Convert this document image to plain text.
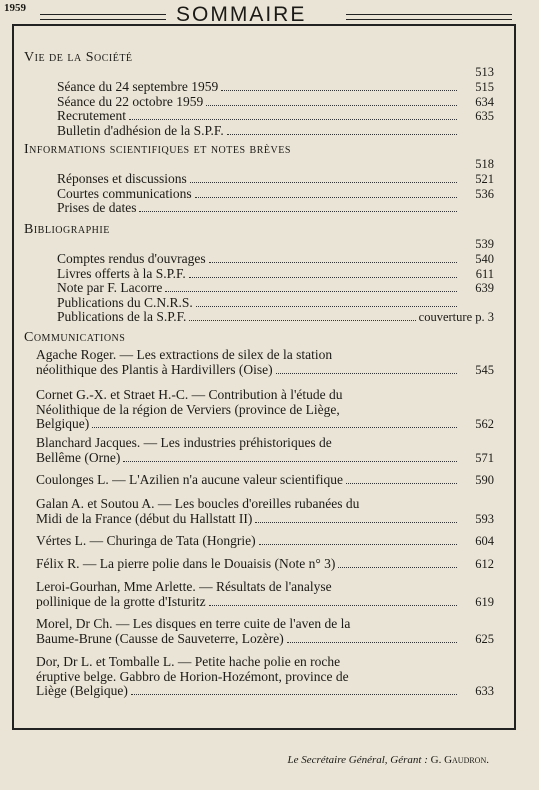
1959	SOMMAIRE
Vie de la Société
513
Séance du 24 septembre 1959	515
Séance du 22 octobre 1959	634
Recrutement	635
Bulletin d'adhésion de la S.P.F.
Informations scientifiques et notes brèves
518
Réponses et discussions	521
Courtes communications	536
Prises de dates
Bibliographie
539
Comptes rendus d'ouvrages	540
Livres offerts à la S.P.F.	611
Note par F. Lacorre	639
Publications du C.N.R.S.
Publications de la S.P.F.	couverture p. 3
Communications
Agache Roger. — Les extractions de silex de la station
néolithique des Plantis à Hardivillers (Oise)	545
Cornet G.-X. et Straet H.-C. — Contribution à l'étude du
Néolithique de la région de Verviers (province de Liège,
Belgique)	562
Blanchard Jacques. — Les industries préhistoriques de
Bellême (Orne)	571
Coulonges L. — L'Azilien n'a aucune valeur scientifique	590
Galan A. et Soutou A. — Les boucles d'oreilles rubanées du
Midi de la France (début du Hallstatt II)	593
Vértes L. — Churinga de Tata (Hongrie)	604
Félix R. — La pierre polie dans le Douaisis (Note n° 3)	612
Leroi-Gourhan, Mme Arlette. — Résultats de l'analyse
pollinique de la grotte d'Isturitz	619
Morel, Dr Ch. — Les disques en terre cuite de l'aven de la
Baume-Brune (Causse de Sauveterre, Lozère)	625
Dor, Dr L. et Tomballe L. — Petite hache polie en roche
éruptive belge. Gabbro de Horion-Hozémont, province de
Liège (Belgique)	633
Le Secrétaire Général, Gérant : G. Gaudron.
